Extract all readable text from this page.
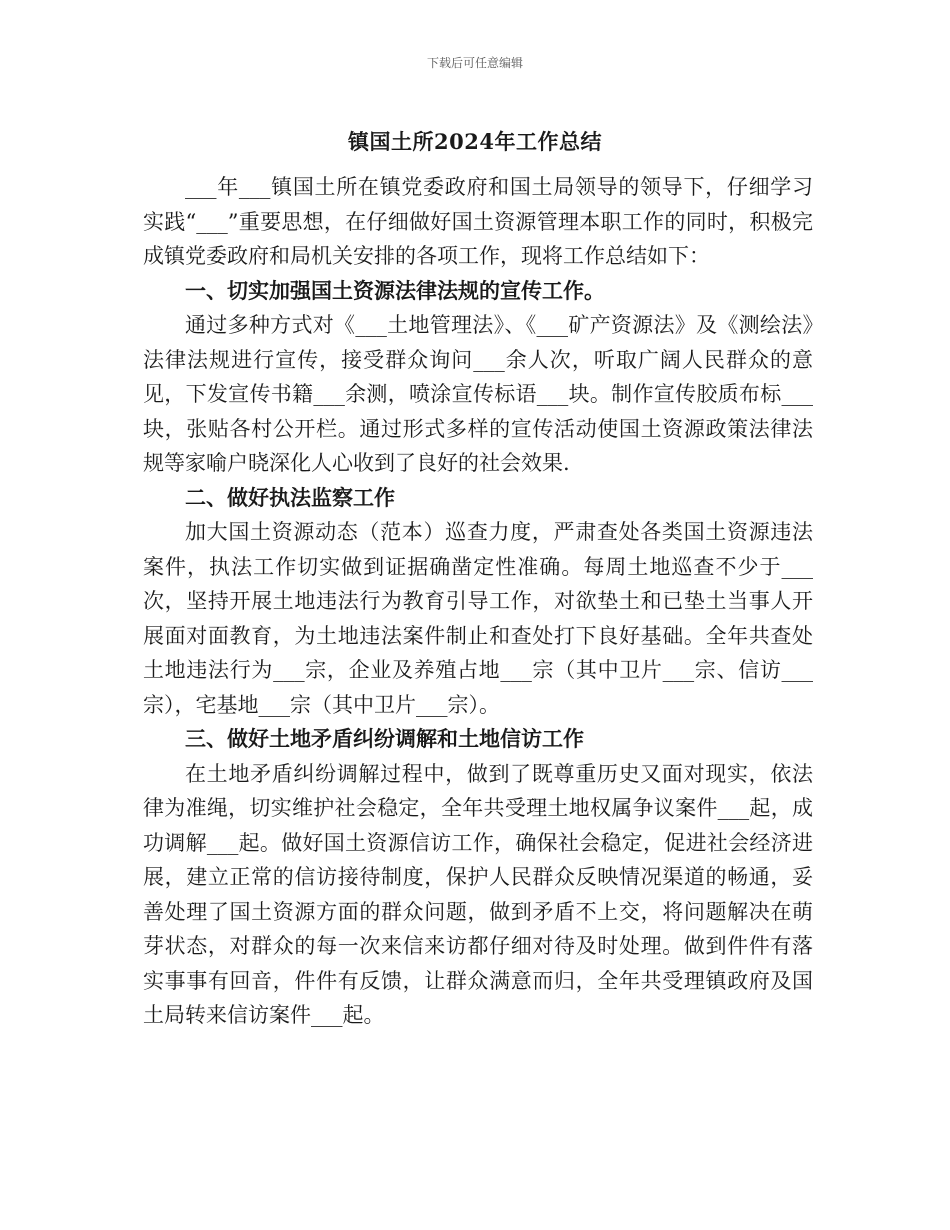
下载后可任意编辑
镇国土所2024年工作总结

___年___镇国土所在镇党委政府和国土局领导的领导下，仔细学习实践“___”重要思想，在仔细做好国土资源管理本职工作的同时，积极完成镇党委政府和局机关安排的各项工作，现将工作总结如下：

一、切实加强国土资源法律法规的宣传工作。

通过多种方式对《___土地管理法》、《___矿产资源法》及《测绘法》法律法规进行宣传，接受群众询问___余人次，听取广阔人民群众的意见，下发宣传书籍___余测，喷涂宣传标语___块。制作宣传胶质布标___块，张贴各村公开栏。通过形式多样的宣传活动使国土资源政策法律法规等家喻户晓深化人心收到了良好的社会效果.

二、做好执法监察工作

加大国土资源动态（范本）巡查力度，严肃查处各类国土资源违法案件，执法工作切实做到证据确凿定性准确。每周土地巡查不少于___次，坚持开展土地违法行为教育引导工作，对欲垫土和已垫土当事人开展面对面教育，为土地违法案件制止和查处打下良好基础。全年共查处土地违法行为___宗，企业及养殖占地___宗（其中卫片___宗、信访___宗），宅基地___宗（其中卫片___宗）。

三、做好土地矛盾纠纷调解和土地信访工作

在土地矛盾纠纷调解过程中，做到了既尊重历史又面对现实，依法律为准绳，切实维护社会稳定，全年共受理土地权属争议案件___起，成功调解___起。做好国土资源信访工作，确保社会稳定，促进社会经济进展，建立正常的信访接待制度，保护人民群众反映情况渠道的畅通，妥善处理了国土资源方面的群众问题，做到矛盾不上交，将问题解决在萌芽状态，对群众的每一次来信来访都仔细对待及时处理。做到件件有落实事事有回音，件件有反馈，让群众满意而归，全年共受理镇政府及国土局转来信访案件___起。
